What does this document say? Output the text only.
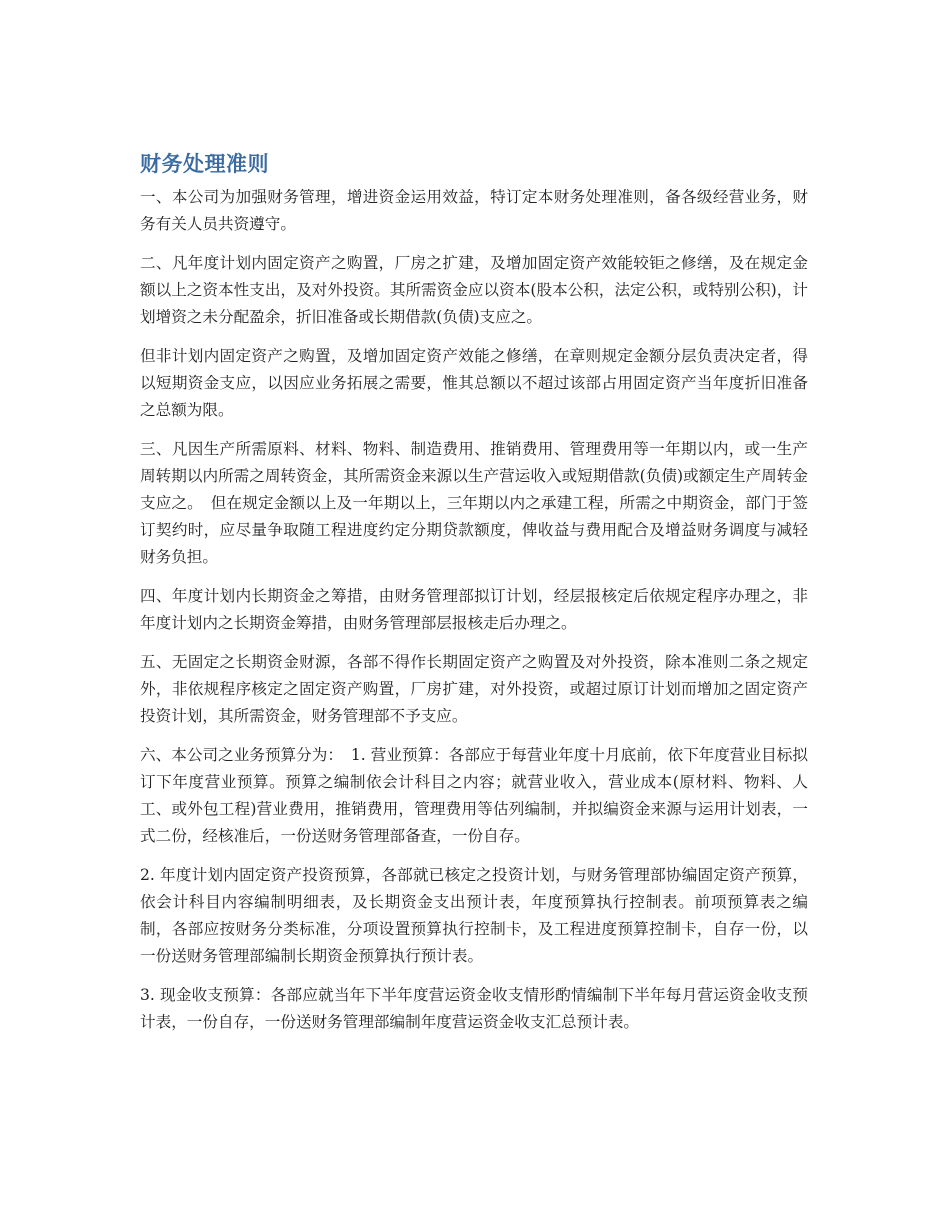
财务处理准则

一、本公司为加强财务管理，增进资金运用效益，特订定本财务处理准则，备各级经营业务，财务有关人员共资遵守。

二、凡年度计划内固定资产之购置，厂房之扩建，及增加固定资产效能较钜之修缮，及在规定金额以上之资本性支出，及对外投资。其所需资金应以资本(股本公积，法定公积，或特别公积)，计划增资之未分配盈余，折旧准备或长期借款(负债)支应之。

但非计划内固定资产之购置，及增加固定资产效能之修缮，在章则规定金额分层负责决定者，得以短期资金支应，以因应业务拓展之需要，惟其总额以不超过该部占用固定资产当年度折旧准备之总额为限。

三、凡因生产所需原料、材料、物料、制造费用、推销费用、管理费用等一年期以内，或一生产周转期以内所需之周转资金，其所需资金来源以生产营运收入或短期借款(负债)或额定生产周转金支应之。　但在规定金额以上及一年期以上，三年期以内之承建工程，所需之中期资金，部门于签订契约时，应尽量争取随工程进度约定分期贷款额度，俾收益与费用配合及增益财务调度与减轻财务负担。

四、年度计划内长期资金之筹措，由财务管理部拟订计划，经层报核定后依规定程序办理之，非年度计划内之长期资金筹措，由财务管理部层报核走后办理之。

五、无固定之长期资金财源，各部不得作长期固定资产之购置及对外投资，除本准则二条之规定外，非依规程序核定之固定资产购置，厂房扩建，对外投资，或超过原订计划而增加之固定资产投资计划，其所需资金，财务管理部不予支应。

六、本公司之业务预算分为：　1. 营业预算：各部应于每营业年度十月底前，依下年度营业目标拟订下年度营业预算。预算之编制依会计科目之内容；就营业收入，营业成本(原材料、物料、人工、或外包工程)营业费用，推销费用，管理费用等估列编制，并拟编资金来源与运用计划表，一式二份，经核准后，一份送财务管理部备查，一份自存。

2. 年度计划内固定资产投资预算，各部就已核定之投资计划，与财务管理部协编固定资产预算，依会计科目内容编制明细表，及长期资金支出预计表，年度预算执行控制表。前项预算表之编制，各部应按财务分类标准，分项设置预算执行控制卡，及工程进度预算控制卡，自存一份，以一份送财务管理部编制长期资金预算执行预计表。

3. 现金收支预算：各部应就当年下半年度营运资金收支情形酌情编制下半年每月营运资金收支预计表，一份自存，一份送财务管理部编制年度营运资金收支汇总预计表。
